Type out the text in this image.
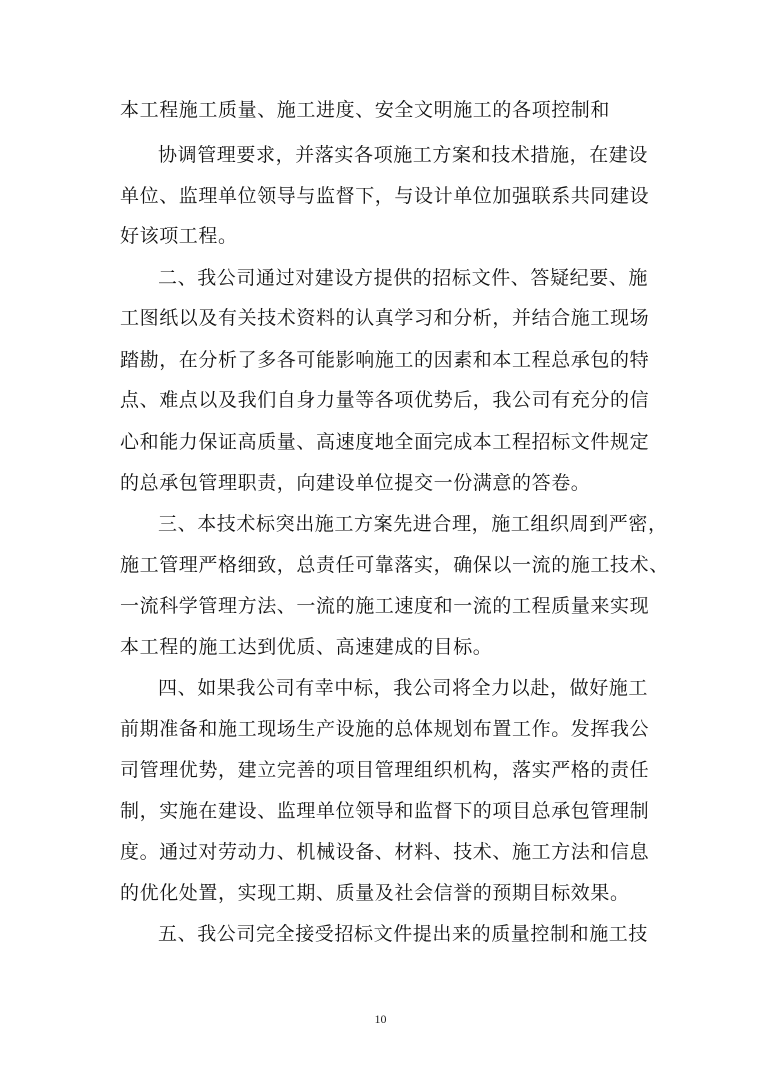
本工程施工质量、施工进度、安全文明施工的各项控制和
协调管理要求，并落实各项施工方案和技术措施，在建设
单位、监理单位领导与监督下，与设计单位加强联系共同建设
好该项工程。
二、我公司通过对建设方提供的招标文件、答疑纪要、施
工图纸以及有关技术资料的认真学习和分析，并结合施工现场
踏勘，在分析了多各可能影响施工的因素和本工程总承包的特
点、难点以及我们自身力量等各项优势后，我公司有充分的信
心和能力保证高质量、高速度地全面完成本工程招标文件规定
的总承包管理职责，向建设单位提交一份满意的答卷。
三、本技术标突出施工方案先进合理，施工组织周到严密，
施工管理严格细致，总责任可靠落实，确保以一流的施工技术、
一流科学管理方法、一流的施工速度和一流的工程质量来实现
本工程的施工达到优质、高速建成的目标。
四、如果我公司有幸中标，我公司将全力以赴，做好施工
前期准备和施工现场生产设施的总体规划布置工作。发挥我公
司管理优势，建立完善的项目管理组织机构，落实严格的责任
制，实施在建设、监理单位领导和监督下的项目总承包管理制
度。通过对劳动力、机械设备、材料、技术、施工方法和信息
的优化处置，实现工期、质量及社会信誉的预期目标效果。
五、我公司完全接受招标文件提出来的质量控制和施工技
10
